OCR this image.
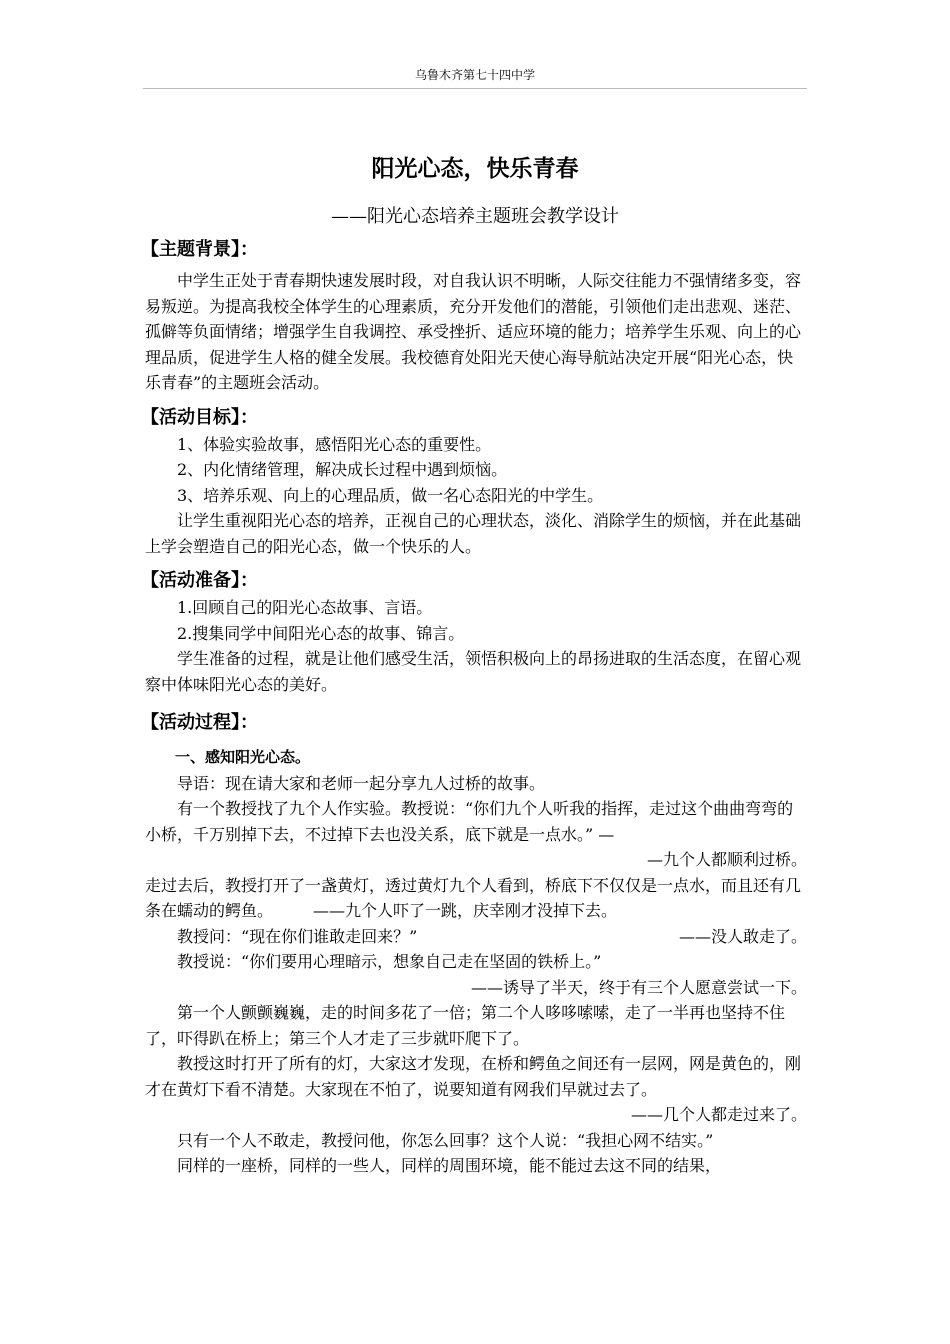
乌鲁木齐第七十四中学
阳光心态，快乐青春
——阳光心态培养主题班会教学设计
【主题背景】：

中学生正处于青春期快速发展时段，对自我认识不明晰，人际交往能力不强情绪多变，容易叛逆。为提高我校全体学生的心理素质，充分开发他们的潜能，引领他们走出悲观、迷茫、孤僻等负面情绪；增强学生自我调控、承受挫折、适应环境的能力；培养学生乐观、向上的心理品质，促进学生人格的健全发展。我校德育处阳光天使心海导航站决定开展“阳光心态，快乐青春”的主题班会活动。

【活动目标】：

1、体验实验故事，感悟阳光心态的重要性。

2、内化情绪管理，解决成长过程中遇到烦恼。

3、培养乐观、向上的心理品质，做一名心态阳光的中学生。

让学生重视阳光心态的培养，正视自己的心理状态，淡化、消除学生的烦恼，并在此基础上学会塑造自己的阳光心态，做一个快乐的人。

【活动准备】：

1.回顾自己的阳光心态故事、言语。

2.搜集同学中间阳光心态的故事、锦言。

学生准备的过程，就是让他们感受生活，领悟积极向上的昂扬进取的生活态度，在留心观察中体味阳光心态的美好。

【活动过程】：

一、感知阳光心态。

导语：现在请大家和老师一起分享九人过桥的故事。

有一个教授找了九个人作实验。教授说：“你们九个人听我的指挥，走过这个曲曲弯弯的小桥，千万别掉下去，不过掉下去也没关系，底下就是一点水。” —

—九个人都顺利过桥。

走过去后，教授打开了一盏黄灯，透过黄灯九个人看到，桥底下不仅仅是一点水，而且还有几条在蠕动的鳄鱼。　　　——九个人吓了一跳，庆幸刚才没掉下去。

教授问：“现在你们谁敢走回来？”	——没人敢走了。

教授说：“你们要用心理暗示，想象自己走在坚固的铁桥上。”

——诱导了半天，终于有三个人愿意尝试一下。

第一个人颤颤巍巍，走的时间多花了一倍；第二个人哆哆嗦嗦，走了一半再也坚持不住了，吓得趴在桥上；第三个人才走了三步就吓爬下了。

教授这时打开了所有的灯，大家这才发现，在桥和鳄鱼之间还有一层网，网是黄色的，刚才在黄灯下看不清楚。大家现在不怕了，说要知道有网我们早就过去了。

——几个人都走过来了。

只有一个人不敢走，教授问他，你怎么回事？这个人说：“我担心网不结实。”

同样的一座桥，同样的一些人，同样的周围环境，能不能过去这不同的结果，
